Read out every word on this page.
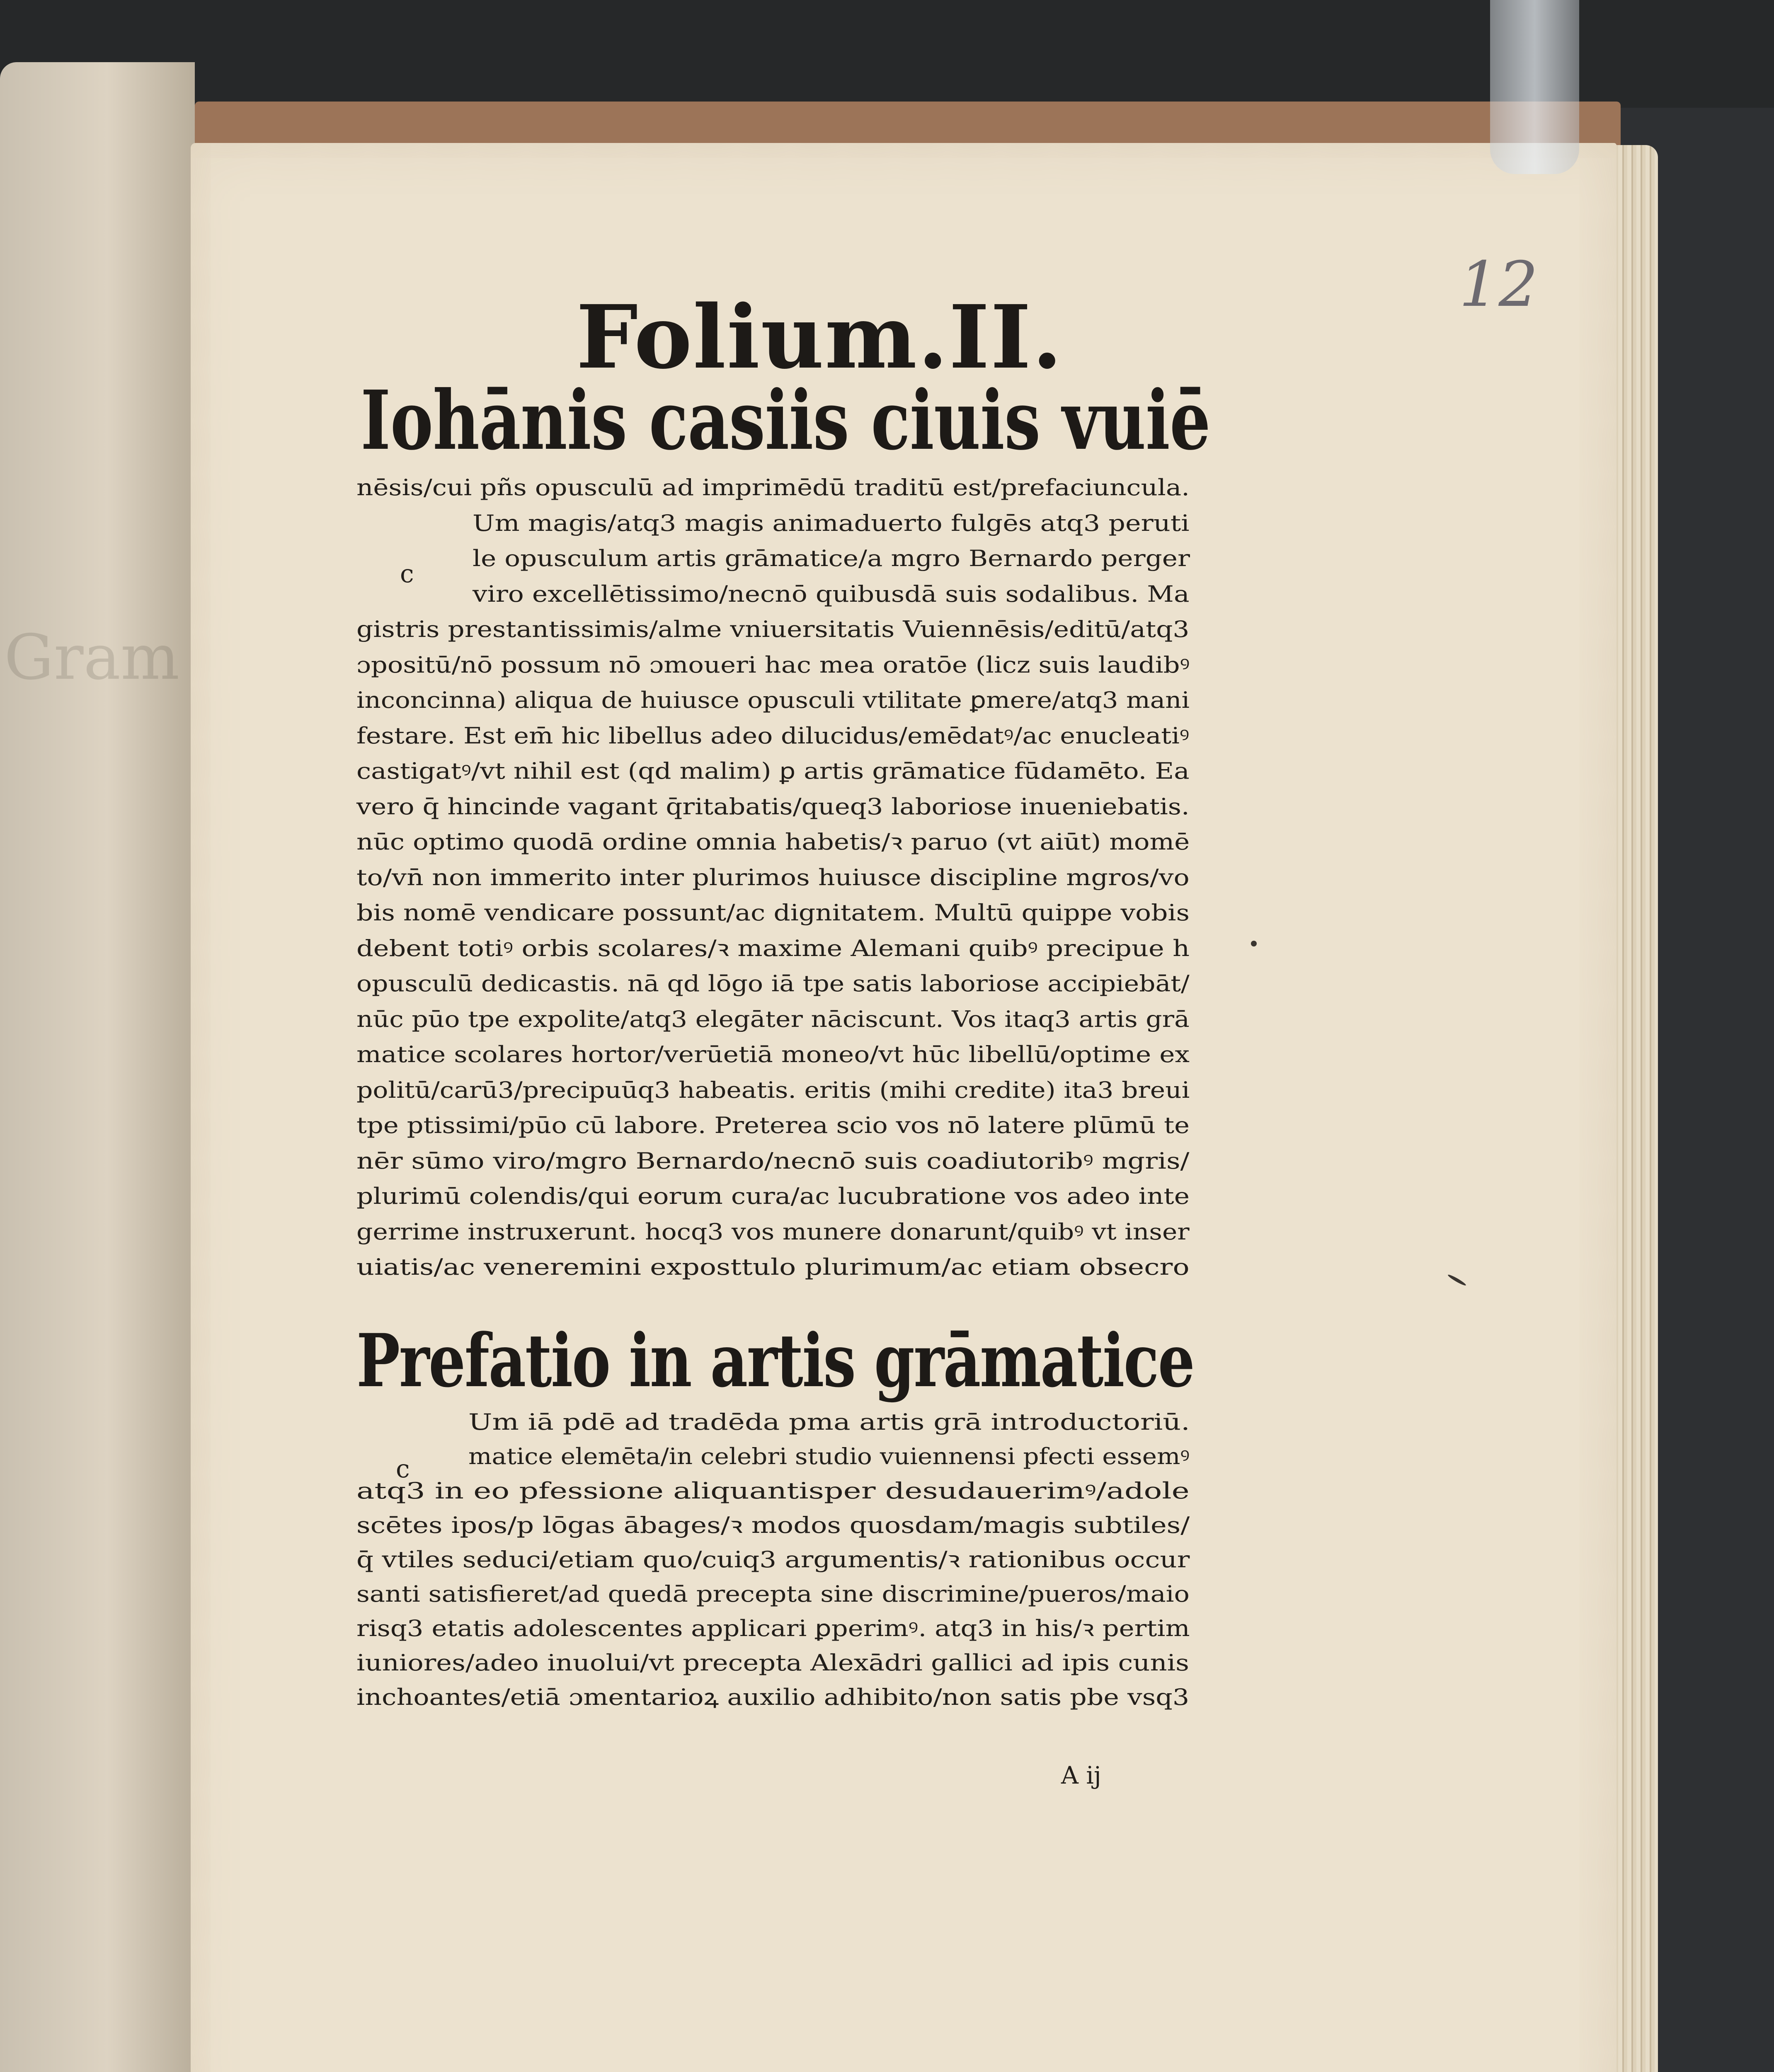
Gram
12
Folium.II.
Iohānis casiis ciuis vuiē
nēsis/cui pñs opusculū ad imprimēdū traditū est/prefaciuncula.
Um magis/atq3 magis animaduerto fulgēs atq3 peruti
le opusculum artis grāmatice/a mgro Bernardo perger
viro excellētissimo/necnō quibusdā suis sodalibus. Ma
gistris prestantissimis/alme vniuersitatis Vuiennēsis/editū/atq3
ɔpositū/nō possum nō ɔmoueri hac mea oratōe (licz suis laudibꝰ
inconcinna) aliqua de huiusce opusculi vtilitate ꝑmere/atq3 mani
festare. Est em̄ hic libellus adeo dilucidus/emēdatꝰ/ac enucleatiꝰ
castigatꝰ/vt nihil est (qd malim) ꝑ artis grāmatice fūdamēto. Ea
vero q̄ hincinde vagant q̄ritabatis/queq3 laboriose inueniebatis.
nūc optimo quodā ordine omnia habetis/ꝛ paruo (vt aiūt) momē
to/vn̄ non immerito inter plurimos huiusce discipline mgros/vo
bis nomē vendicare possunt/ac dignitatem. Multū quippe vobis
debent totiꝰ orbis scolares/ꝛ maxime Alemani quibꝰ precipue h
opusculū dedicastis. nā qd lōgo iā tpe satis laboriose accipiebāt/
nūc pūo tpe expolite/atq3 elegāter nāciscunt. Vos itaq3 artis grā
matice scolares hortor/verūetiā moneo/vt hūc libellū/optime ex
politū/carū3/precipuūq3 habeatis. eritis (mihi credite) ita3 breui
tpe ptissimi/pūo cū labore. Preterea scio vos nō latere plūmū te
nēr sūmo viro/mgro Bernardo/necnō suis coadiutoribꝰ mgris/
plurimū colendis/qui eorum cura/ac lucubratione vos adeo inte
gerrime instruxerunt. hocq3 vos munere donarunt/quibꝰ vt inser
uiatis/ac veneremini exposttulo plurimum/ac etiam obsecro
c
Prefatio in artis grāmatice
Um iā pdē ad tradēda pma artis grā introductoriū.
matice elemēta/in celebri studio vuiennensi pfecti essemꝰ
atq3 in eo pfessione aliquantisper desudauerimꝰ/adole
scētes ipos/p lōgas ābages/ꝛ modos quosdam/magis subtiles/
q̄ vtiles seduci/etiam quo/cuiq3 argumentis/ꝛ rationibus occur
santi satisfieret/ad quedā precepta sine discrimine/pueros/maio
risq3 etatis adolescentes applicari ꝑperimꝰ. atq3 in his/ꝛ pertim
iuniores/adeo inuolui/vt precepta Alexādri gallici ad ipis cunis
inchoantes/etiā ɔmentarioꝝ auxilio adhibito/non satis pbe vsq3
c
A ij
